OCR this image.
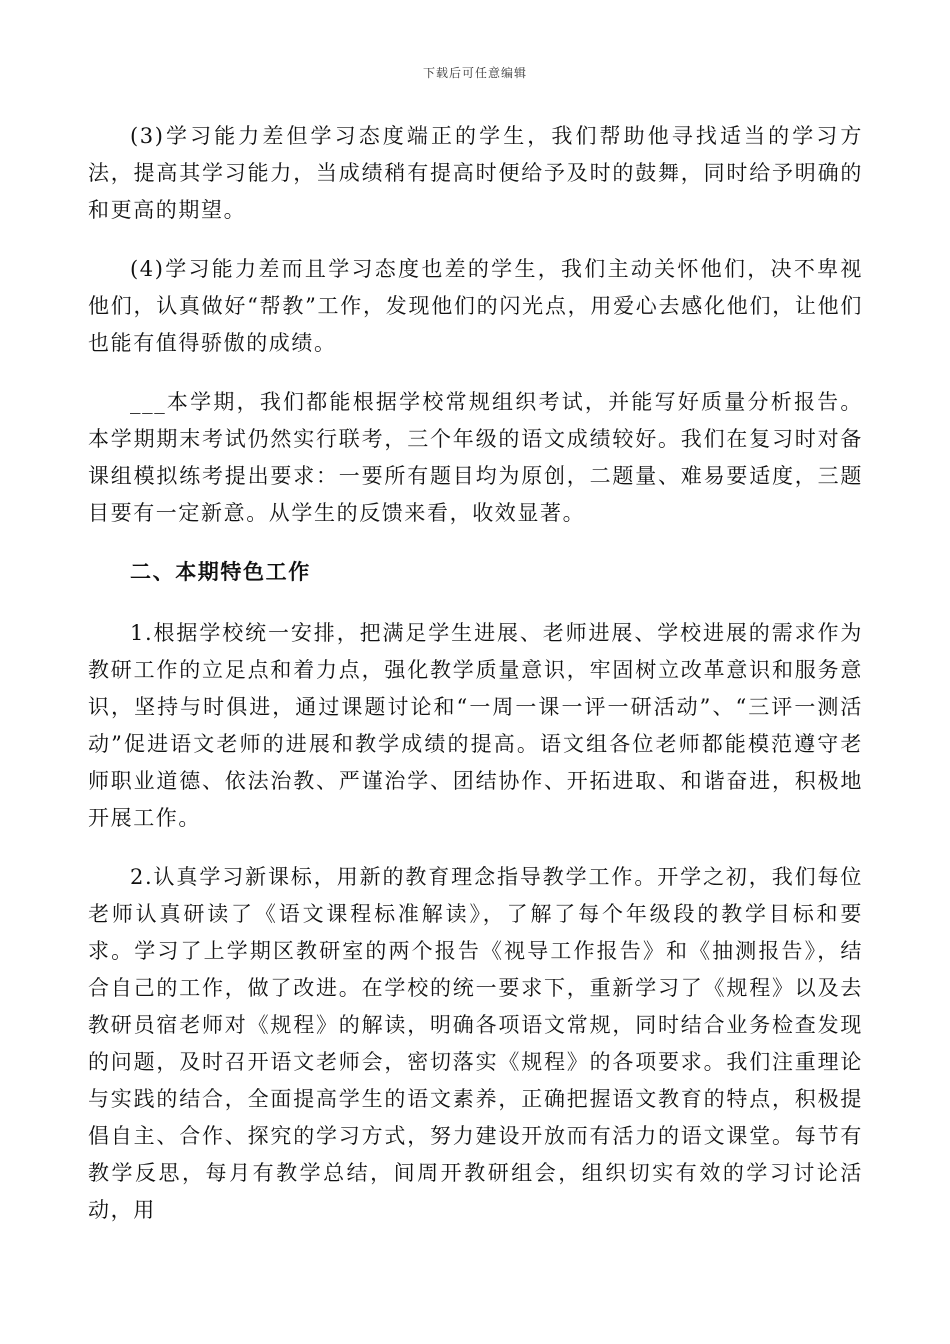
下载后可任意编辑

(3)学习能力差但学习态度端正的学生，我们帮助他寻找适当的学习方法，提高其学习能力，当成绩稍有提高时便给予及时的鼓舞，同时给予明确的和更高的期望。

(4)学习能力差而且学习态度也差的学生，我们主动关怀他们，决不卑视他们，认真做好“帮教”工作，发现他们的闪光点，用爱心去感化他们，让他们也能有值得骄傲的成绩。

___本学期，我们都能根据学校常规组织考试，并能写好质量分析报告。本学期期末考试仍然实行联考，三个年级的语文成绩较好。我们在复习时对备课组模拟练考提出要求：一要所有题目均为原创，二题量、难易要适度，三题目要有一定新意。从学生的反馈来看，收效显著。

二、本期特色工作

1.根据学校统一安排，把满足学生进展、老师进展、学校进展的需求作为教研工作的立足点和着力点，强化教学质量意识，牢固树立改革意识和服务意识，坚持与时俱进，通过课题讨论和“一周一课一评一研活动”、“三评一测活动”促进语文老师的进展和教学成绩的提高。语文组各位老师都能模范遵守老师职业道德、依法治教、严谨治学、团结协作、开拓进取、和谐奋进，积极地开展工作。

2.认真学习新课标，用新的教育理念指导教学工作。开学之初，我们每位老师认真研读了《语文课程标准解读》，了解了每个年级段的教学目标和要求。学习了上学期区教研室的两个报告《视导工作报告》和《抽测报告》，结合自己的工作，做了改进。在学校的统一要求下，重新学习了《规程》以及去教研员宿老师对《规程》的解读，明确各项语文常规，同时结合业务检查发现的问题，及时召开语文老师会，密切落实《规程》的各项要求。我们注重理论与实践的结合，全面提高学生的语文素养，正确把握语文教育的特点，积极提倡自主、合作、探究的学习方式，努力建设开放而有活力的语文课堂。每节有教学反思，每月有教学总结，间周开教研组会，组织切实有效的学习讨论活动，用
